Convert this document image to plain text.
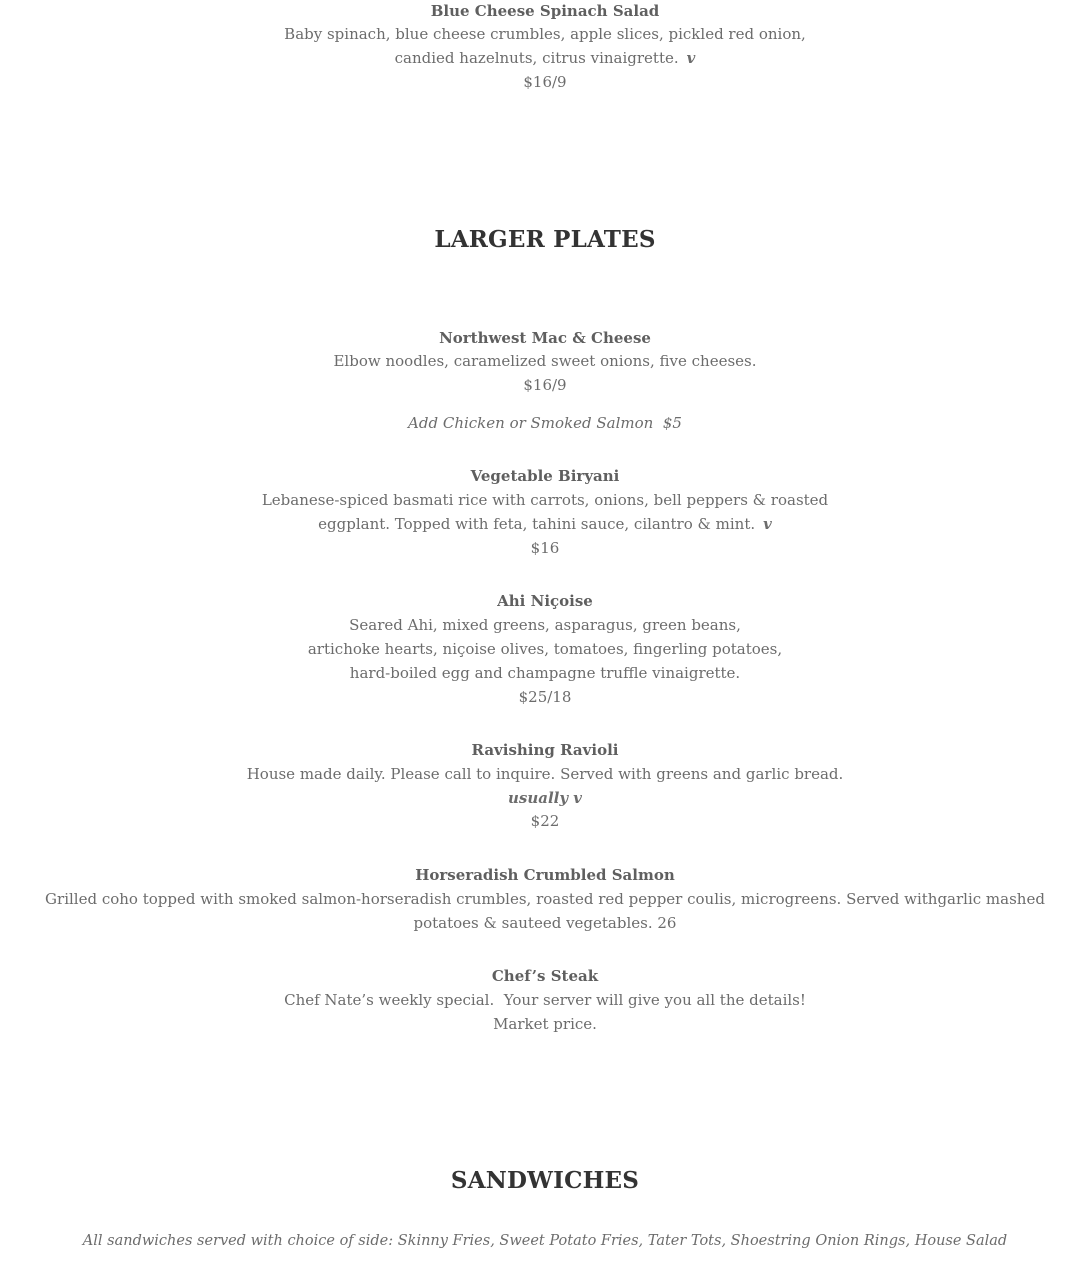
Blue Cheese Spinach Salad
Baby spinach, blue cheese crumbles, apple slices, pickled red onion,
candied hazelnuts, citrus vinaigrette. v
$16/9
LARGER PLATES
Northwest Mac & Cheese
Elbow noodles, caramelized sweet onions, five cheeses.
$16/9
Add Chicken or Smoked Salmon  $5
Vegetable Biryani
Lebanese-spiced basmati rice with carrots, onions, bell peppers & roasted
eggplant. Topped with feta, tahini sauce, cilantro & mint. v
$16
Ahi Niçoise
Seared Ahi, mixed greens, asparagus, green beans,
artichoke hearts, niçoise olives, tomatoes, fingerling potatoes,
hard-boiled egg and champagne truffle vinaigrette.
$25/18
Ravishing Ravioli
House made daily. Please call to inquire. Served with greens and garlic bread.
usually v
$22
Horseradish Crumbled Salmon
Grilled coho topped with smoked salmon-horseradish crumbles, roasted red pepper coulis, microgreens. Served withgarlic mashed potatoes & sauteed vegetables. 26
Chef’s Steak
Chef Nate’s weekly special.  Your server will give you all the details!
Market price.
SANDWICHES
All sandwiches served with choice of side: Skinny Fries, Sweet Potato Fries, Tater Tots, Shoestring Onion Rings, House Salad
